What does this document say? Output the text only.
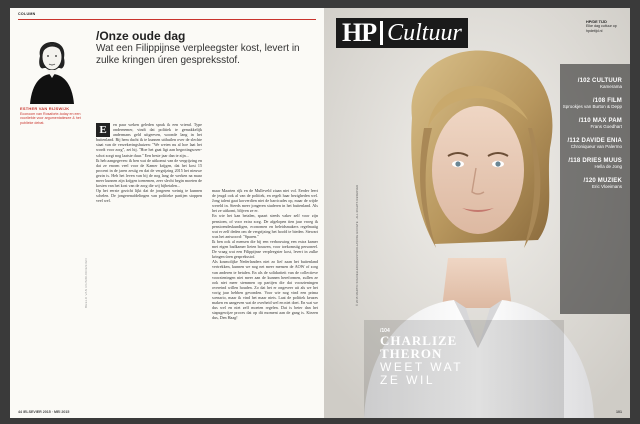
COLUMN
ESTHER VAN RIJSWIJK
Econoom van Rosaforte-today en een voorliefde voor argumentatiesee & het publieke debat.
/Onze oude dag
Wat een Filippijnse verpleegster kost, levert in zulke kringen úren gespreksstof.
BEELD VAN RIJSWIJKDESIGN
E	en paar weken geleden sprak ik een vriend. Type ondernemer, vindt dat politiek te gemakkelijk andermans geld uitgeeven, woonde lang in het buitenland. Bij hem dacht ik te kunnen uithuilen over de slechte staat van de verzekeringshuizen: "We weten nu al hoe laat het wordt voor zorg", zei hij. "Hoe het gaat ligt aan begrotingsover-schot zorgt nog laatste duur." Een beste jaar dan te zijn...

Ik heb aangegeven: ik ben wat de uitkomst van de vergrijzing en dat ze enorm veel voor de Kamer krijgen, dat het kost 15 procent in de jaren zestig en dat de vergrijzing 2015 het nieuwe gezin is. Heb het leven van bij de nog lang de werken na maar meer kunnen zijn krijgen toenemen, zeer slecht begin moeten de kosten van het kost van de zorg die wij bijbetalen...

Op het eerste gezicht lijkt dat de jongeren weinig te kunnen schelen. De jongerenafdelingen van politieke partijen stoppen veel wel.

maar Maarten rijk en de Mulleveld ziaan niet vol. Eerder leert de jeugd ook al van de politiek, en regelt haar bezigheden wel. Jong talent gaat korverdien niet de barricades op, maar de wijde wereld in. Steeds meer jongeren studeren in het buitenland. Als het ze uitkomt, blijven ze er.

En wie het kan betalen, spaart steeds vaker zelf voor zijn pensioen, of voor extra zorg. De afgelopen tien jaar vroeg ik pensioendeskundigen, economen en beleidsmakers regelmatig wat er zelf deden om de vergrijzing het hoofd te bieden. Stewart was het antwoord: "Sparen."

Ik ben ook al mensen die bij een verbouwing een extra kamer met eigen badkamer lieten bouwen, voor toekomstig personeel. De vraag wat een Filippijnse verpleegster kost, levert in zulke kringen úren gespreksstof.

Als kosmolijke Nederlanders niet zo lief zaan het buitenland vertrekken, kunnen we nog net meer mensen de AOW of zorg van anderen te betalen. En als de solidariteit van de collectieve voorzieningen niet meer aan de kunnen hereformen, zullen ze ook niet meer stemmen op partijen die dat voorzieningen overeind willen houden. Zo dat het er ongeveer uit als we het vorig jaar hebben gevonden. Voor wie nog vind een prima scenario, maar ik vind het maar niets. Laat de politiek keuzes maken en aangeven wat de overheid wel en niet doet. En wat we dus wel en niet zelf moeten regelen. Dat is beter dan het stapsgewijze proces dat op dit moment aan de gang is. Kiezen dus, Den Haag!

44 /ELSEVIER 2015 · MEI 2015
HP Cultuur	HP/DE TIJD
Elke dag cultuur op hpdetijd.nl
/102 CULTUUR
Kamerama
/108 FILM
Sprookjes van Burton & Depp
/110 MAX PAM
Frans Goedhart
/112 DAVIDE ENIA
Chroniqueur van Palermo
/118 DRIES MUUS
Hella de Jong
/120 MUZIEK
Eric Vloeimans
© 2015 MARTIN SCHOELLER/AUGUST/HOLLANDSE HOOGTE · ALL RIGHTS RESERVED
/104
CHARLIZE
THERON
WEET WAT
ZE WIL
101
